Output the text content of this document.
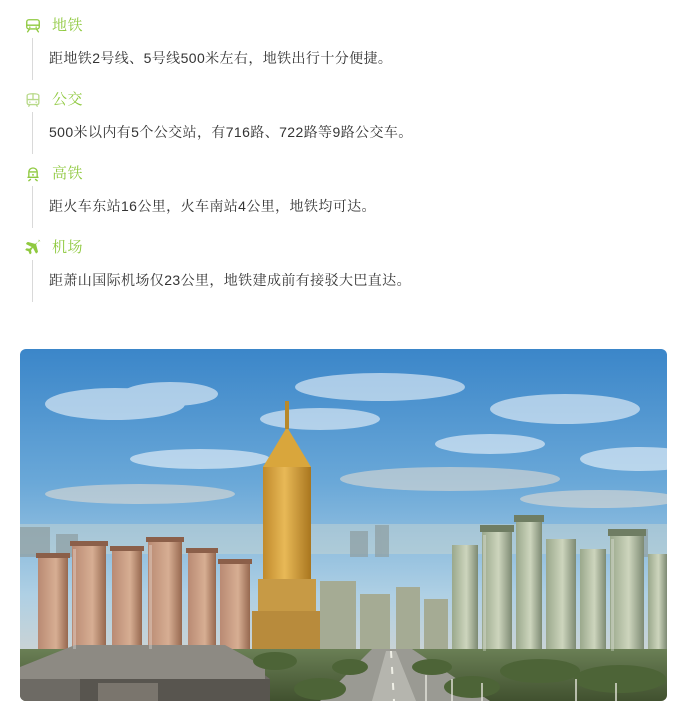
地铁
距地铁2号线、5号线500米左右，地铁出行十分便捷。
公交
500米以内有5个公交站，有716路、722路等9路公交车。
高铁
距火车东站16公里，火车南站4公里，地铁均可达。
机场
距萧山国际机场仅23公里，地铁建成前有接驳大巴直达。
